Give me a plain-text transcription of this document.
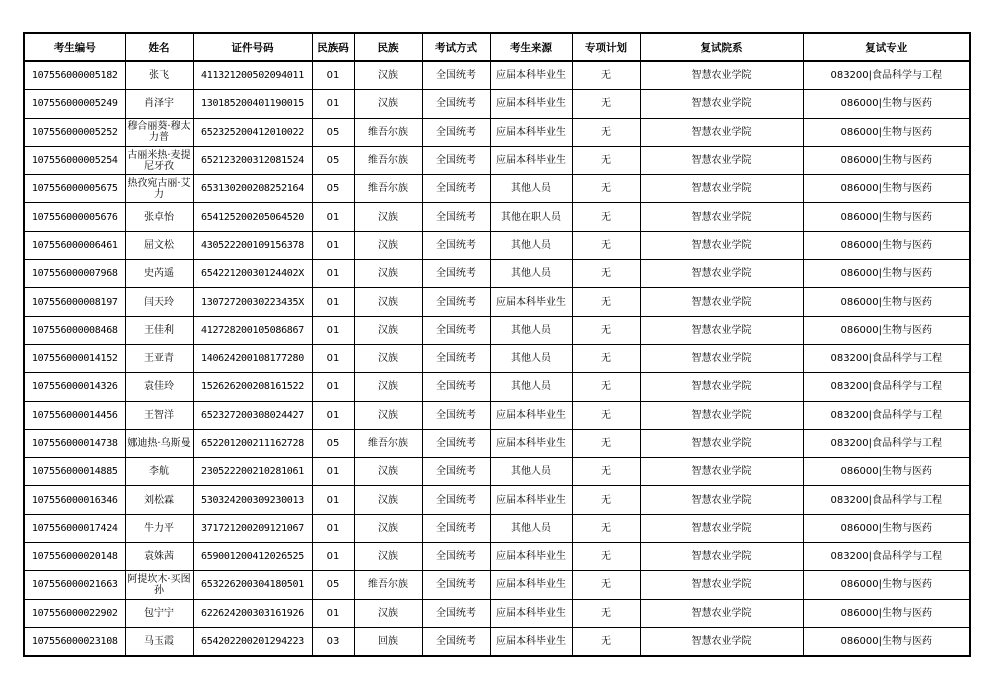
考生编号	姓名	证件号码	民族码	民族	考试方式	考生来源	专项计划	复试院系	复试专业
107556000005182	张飞	411321200502094011	01	汉族	全国统考	应届本科毕业生	无	智慧农业学院	083200|食品科学与工程
107556000005249	肖泽宇	130185200401190015	01	汉族	全国统考	应届本科毕业生	无	智慧农业学院	086000|生物与医药
107556000005252	穆合丽葵·穆太力普	652325200412010022	05	维吾尔族	全国统考	应届本科毕业生	无	智慧农业学院	086000|生物与医药
107556000005254	古丽米热·麦提尼牙孜	652123200312081524	05	维吾尔族	全国统考	应届本科毕业生	无	智慧农业学院	086000|生物与医药
107556000005675	热孜宛古丽·艾力	653130200208252164	05	维吾尔族	全国统考	其他人员	无	智慧农业学院	086000|生物与医药
107556000005676	张卓怡	654125200205064520	01	汉族	全国统考	其他在职人员	无	智慧农业学院	086000|生物与医药
107556000006461	屈文松	430522200109156378	01	汉族	全国统考	其他人员	无	智慧农业学院	086000|生物与医药
107556000007968	史芮遥	65422120030124402X	01	汉族	全国统考	其他人员	无	智慧农业学院	086000|生物与医药
107556000008197	闫天玲	13072720030223435X	01	汉族	全国统考	应届本科毕业生	无	智慧农业学院	086000|生物与医药
107556000008468	王佳利	412728200105086867	01	汉族	全国统考	其他人员	无	智慧农业学院	086000|生物与医药
107556000014152	王亚青	140624200108177280	01	汉族	全国统考	其他人员	无	智慧农业学院	083200|食品科学与工程
107556000014326	袁佳玲	152626200208161522	01	汉族	全国统考	其他人员	无	智慧农业学院	083200|食品科学与工程
107556000014456	王智洋	652327200308024427	01	汉族	全国统考	应届本科毕业生	无	智慧农业学院	083200|食品科学与工程
107556000014738	娜迪热·乌斯曼	652201200211162728	05	维吾尔族	全国统考	应届本科毕业生	无	智慧农业学院	083200|食品科学与工程
107556000014885	李航	230522200210281061	01	汉族	全国统考	其他人员	无	智慧农业学院	086000|生物与医药
107556000016346	刘松霖	530324200309230013	01	汉族	全国统考	应届本科毕业生	无	智慧农业学院	083200|食品科学与工程
107556000017424	牛力平	371721200209121067	01	汉族	全国统考	其他人员	无	智慧农业学院	086000|生物与医药
107556000020148	袁姝茜	659001200412026525	01	汉族	全国统考	应届本科毕业生	无	智慧农业学院	083200|食品科学与工程
107556000021663	阿提坎木·买图孙	653226200304180501	05	维吾尔族	全国统考	应届本科毕业生	无	智慧农业学院	086000|生物与医药
107556000022902	包宁宁	622624200303161926	01	汉族	全国统考	应届本科毕业生	无	智慧农业学院	086000|生物与医药
107556000023108	马玉霞	654202200201294223	03	回族	全国统考	应届本科毕业生	无	智慧农业学院	086000|生物与医药
